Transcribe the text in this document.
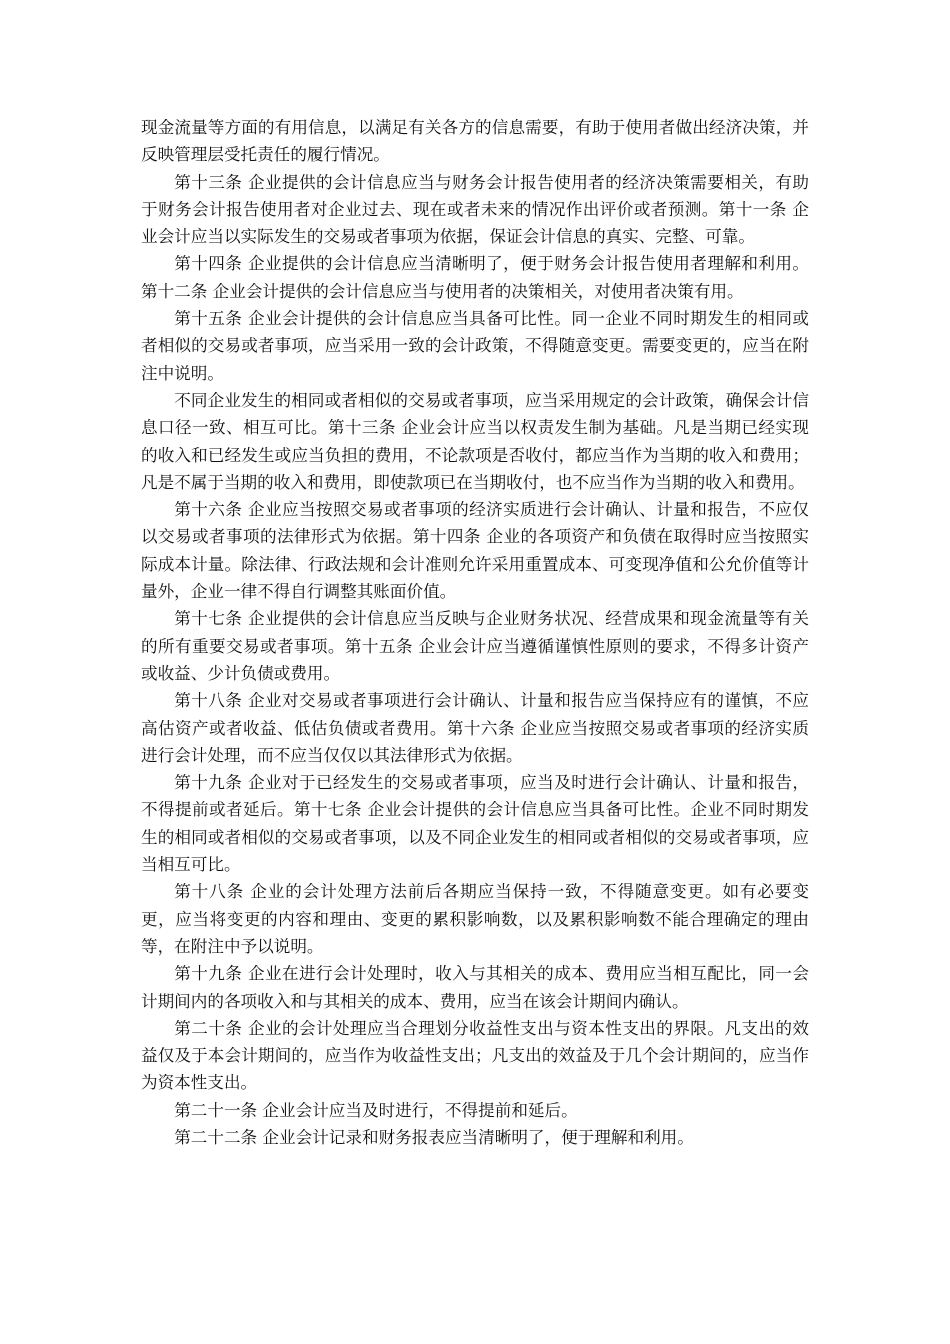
现金流量等方面的有用信息，以满足有关各方的信息需要，有助于使用者做出经济决策，并反映管理层受托责任的履行情况。

第十三条 企业提供的会计信息应当与财务会计报告使用者的经济决策需要相关，有助于财务会计报告使用者对企业过去、现在或者未来的情况作出评价或者预测。第十一条 企业会计应当以实际发生的交易或者事项为依据，保证会计信息的真实、完整、可靠。

第十四条 企业提供的会计信息应当清晰明了，便于财务会计报告使用者理解和利用。第十二条 企业会计提供的会计信息应当与使用者的决策相关，对使用者决策有用。

第十五条 企业会计提供的会计信息应当具备可比性。同一企业不同时期发生的相同或者相似的交易或者事项，应当采用一致的会计政策，不得随意变更。需要变更的，应当在附注中说明。

不同企业发生的相同或者相似的交易或者事项，应当采用规定的会计政策，确保会计信息口径一致、相互可比。第十三条 企业会计应当以权责发生制为基础。凡是当期已经实现的收入和已经发生或应当负担的费用，不论款项是否收付，都应当作为当期的收入和费用；凡是不属于当期的收入和费用，即使款项已在当期收付，也不应当作为当期的收入和费用。

第十六条 企业应当按照交易或者事项的经济实质进行会计确认、计量和报告，不应仅以交易或者事项的法律形式为依据。第十四条 企业的各项资产和负债在取得时应当按照实际成本计量。除法律、行政法规和会计准则允许采用重置成本、可变现净值和公允价值等计量外，企业一律不得自行调整其账面价值。

第十七条 企业提供的会计信息应当反映与企业财务状况、经营成果和现金流量等有关的所有重要交易或者事项。第十五条 企业会计应当遵循谨慎性原则的要求，不得多计资产或收益、少计负债或费用。

第十八条 企业对交易或者事项进行会计确认、计量和报告应当保持应有的谨慎，不应高估资产或者收益、低估负债或者费用。第十六条 企业应当按照交易或者事项的经济实质进行会计处理，而不应当仅仅以其法律形式为依据。

第十九条 企业对于已经发生的交易或者事项，应当及时进行会计确认、计量和报告，不得提前或者延后。第十七条 企业会计提供的会计信息应当具备可比性。企业不同时期发生的相同或者相似的交易或者事项，以及不同企业发生的相同或者相似的交易或者事项，应当相互可比。

第十八条 企业的会计处理方法前后各期应当保持一致，不得随意变更。如有必要变更，应当将变更的内容和理由、变更的累积影响数，以及累积影响数不能合理确定的理由等，在附注中予以说明。

第十九条 企业在进行会计处理时，收入与其相关的成本、费用应当相互配比，同一会计期间内的各项收入和与其相关的成本、费用，应当在该会计期间内确认。

第二十条 企业的会计处理应当合理划分收益性支出与资本性支出的界限。凡支出的效益仅及于本会计期间的，应当作为收益性支出；凡支出的效益及于几个会计期间的，应当作为资本性支出。

第二十一条 企业会计应当及时进行，不得提前和延后。

第二十二条 企业会计记录和财务报表应当清晰明了，便于理解和利用。
